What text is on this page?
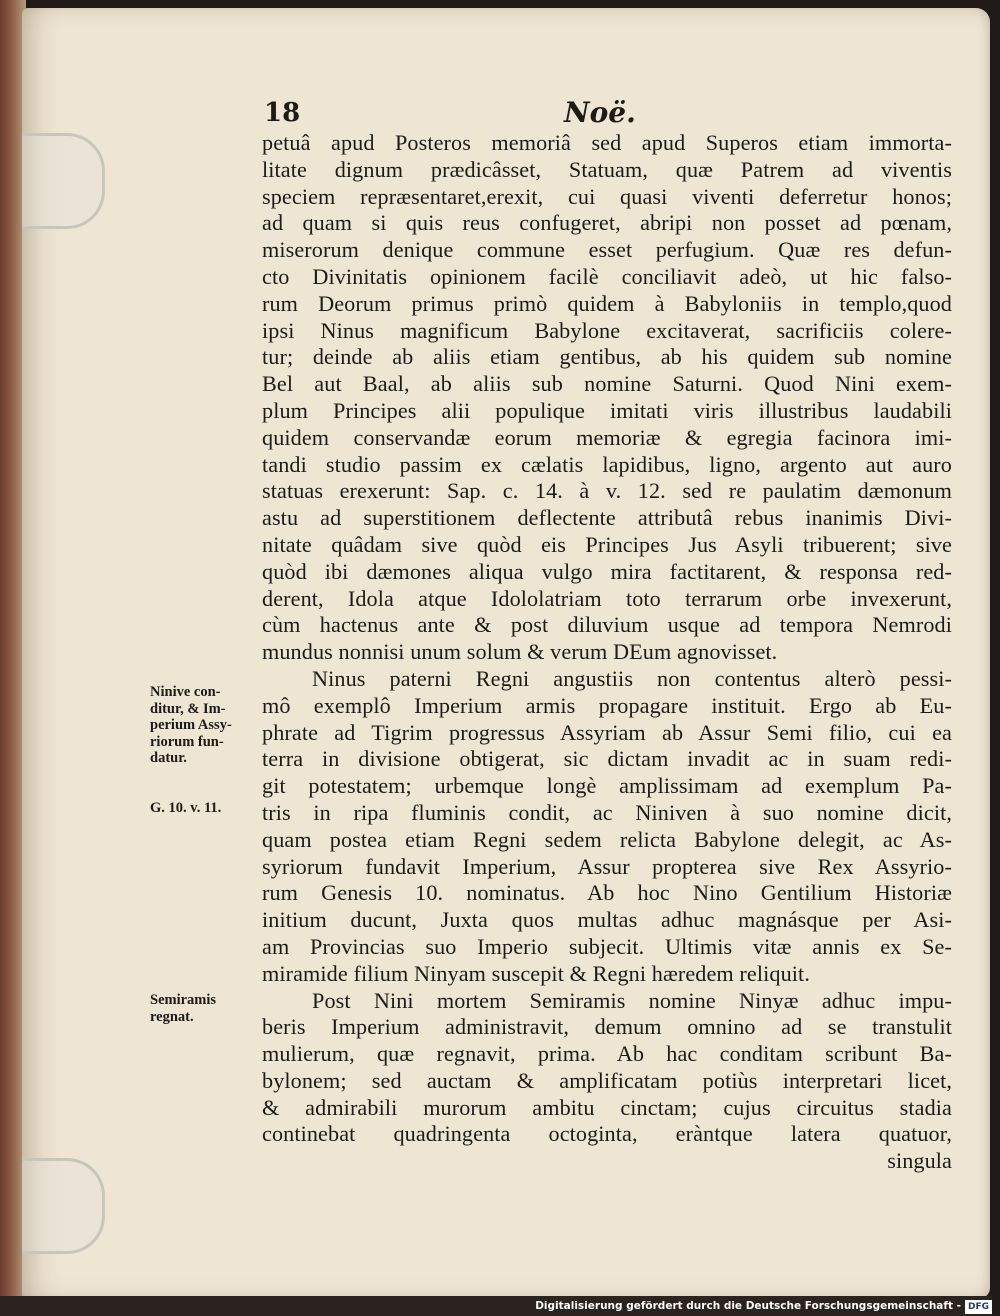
18	Noë.
petuâ apud Posteros memoriâ sed apud Superos etiam immorta-
litate dignum prædicâsset, Statuam, quæ Patrem ad viventis
speciem repræsentaret,erexit, cui quasi viventi deferretur honos;
ad quam si quis reus confugeret, abripi non posset ad pœnam,
miserorum denique commune esset perfugium. Quæ res defun-
cto Divinitatis opinionem facilè conciliavit adeò, ut hic falso-
rum Deorum primus primò quidem à Babyloniis in templo,quod
ipsi Ninus magnificum Babylone excitaverat, sacrificiis colere-
tur; deinde ab aliis etiam gentibus, ab his quidem sub nomine
Bel aut Baal, ab aliis sub nomine Saturni. Quod Nini exem-
plum Principes alii populique imitati viris illustribus laudabili
quidem conservandæ eorum memoriæ & egregia facinora imi-
tandi studio passim ex cælatis lapidibus, ligno, argento aut auro
statuas erexerunt: Sap. c. 14. à v. 12. sed re paulatim dæmonum
astu ad superstitionem deflectente attributâ rebus inanimis Divi-
nitate quâdam sive quòd eis Principes Jus Asyli tribuerent; sive
quòd ibi dæmones aliqua vulgo mira factitarent, & responsa red-
derent, Idola atque Idololatriam toto terrarum orbe invexerunt,
cùm hactenus ante & post diluvium usque ad tempora Nemrodi
mundus nonnisi unum solum & verum DEum agnovisset.
Ninus paterni Regni angustiis non contentus alterò pessi-
mô exemplô Imperium armis propagare instituit. Ergo ab Eu-
phrate ad Tigrim progressus Assyriam ab Assur Semi filio, cui ea
terra in divisione obtigerat, sic dictam invadit ac in suam redi-
git potestatem; urbemque longè amplissimam ad exemplum Pa-
tris in ripa fluminis condit, ac Niniven à suo nomine dicit,
quam postea etiam Regni sedem relicta Babylone delegit, ac As-
syriorum fundavit Imperium, Assur propterea sive Rex Assyrio-
rum Genesis 10. nominatus. Ab hoc Nino Gentilium Historiæ
initium ducunt, Juxta quos multas adhuc magnásque per Asi-
am Provincias suo Imperio subjecit. Ultimis vitæ annis ex Se-
miramide filium Ninyam suscepit & Regni hæredem reliquit.
Post Nini mortem Semiramis nomine Ninyæ adhuc impu-
beris Imperium administravit, demum omnino ad se transtulit
mulierum, quæ regnavit, prima. Ab hac conditam scribunt Ba-
bylonem; sed auctam & amplificatam potiùs interpretari licet,
& admirabili murorum ambitu cinctam; cujus circuitus stadia
continebat quadringenta octoginta, eràntque latera quatuor,
singula
Ninive con-
ditur, & Im-
perium Assy-
riorum fun-
datur.
G. 10. v. 11.
Semiramis
regnat.
Digitalisierung gefördert durch die Deutsche Forschungsgemeinschaft - DFG
